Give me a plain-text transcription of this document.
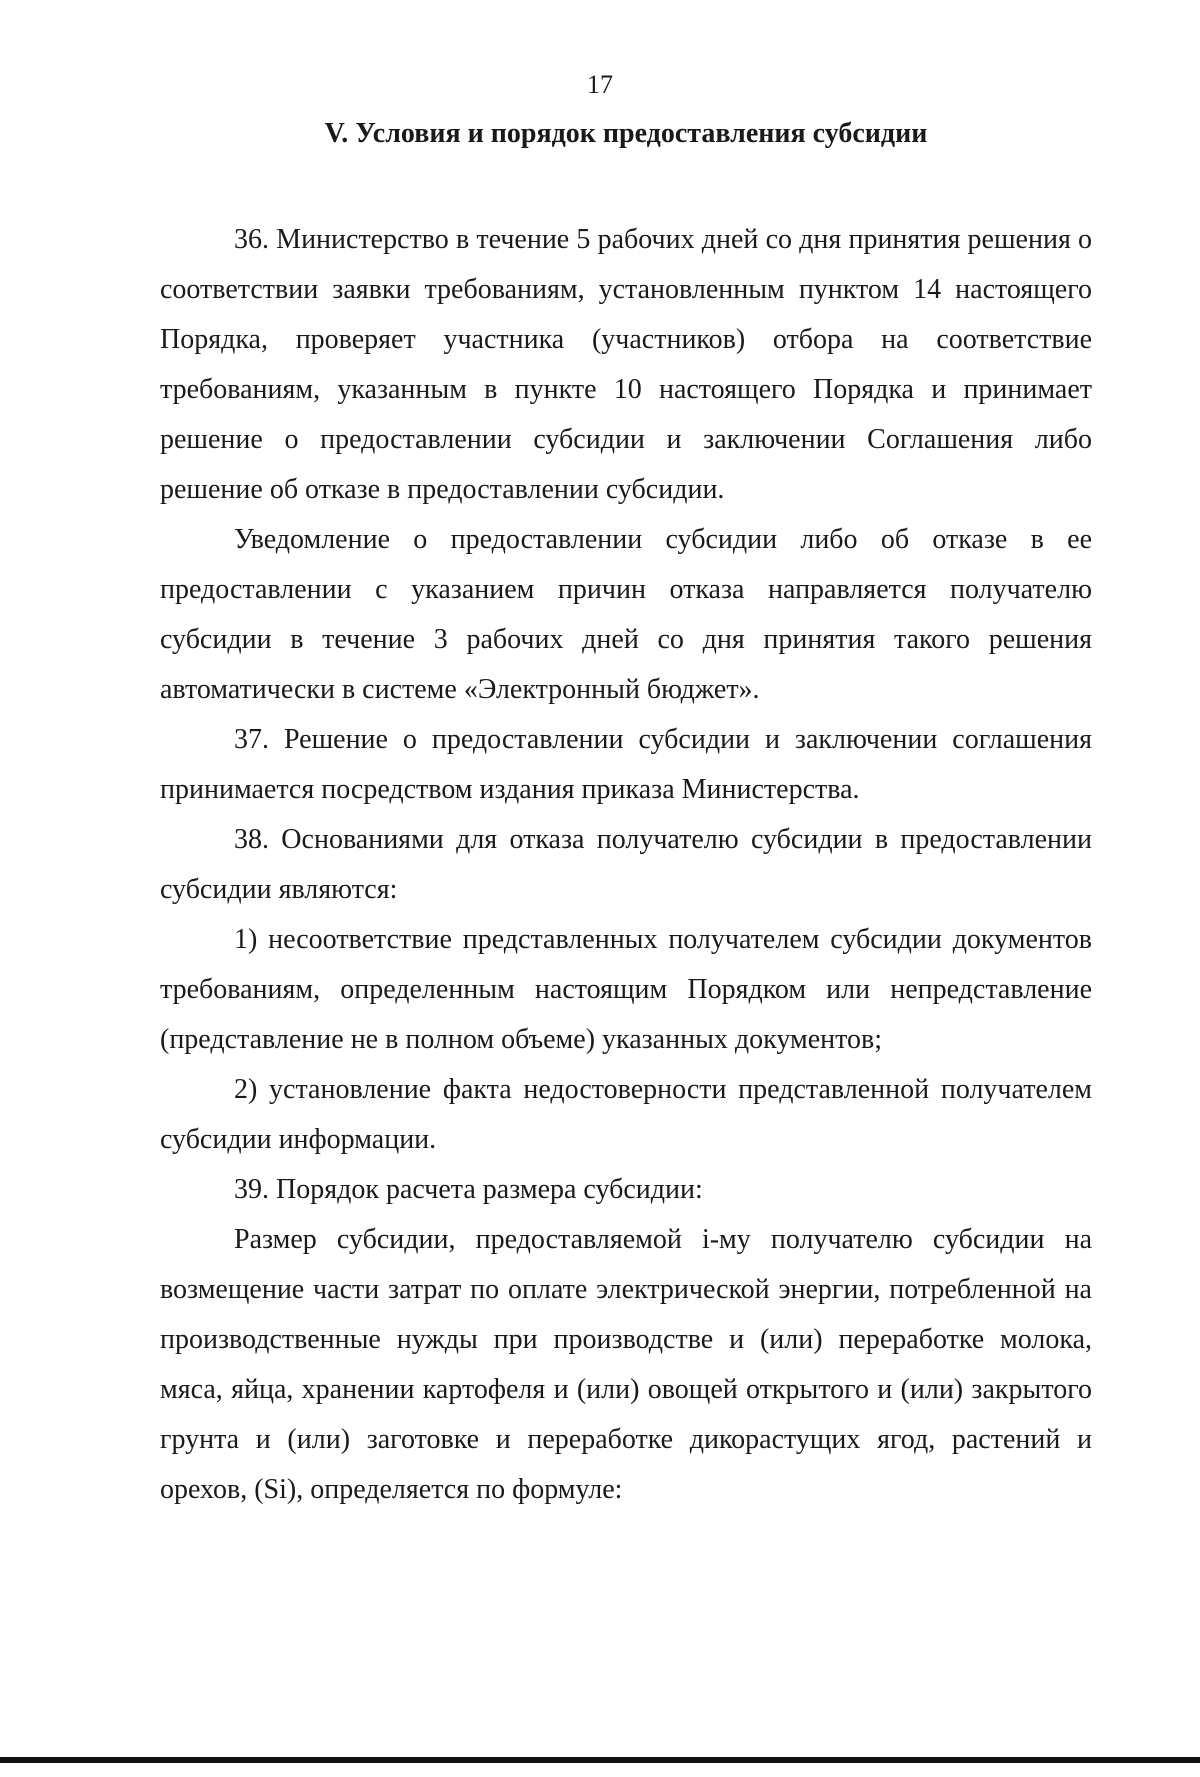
17
V. Условия и порядок предоставления субсидии

36. Министерство в течение 5 рабочих дней со дня принятия решения о соответствии заявки требованиям, установленным пунктом 14 настоящего Порядка, проверяет участника (участников) отбора на соответствие требованиям, указанным в пункте 10 настоящего Порядка и принимает решение о предоставлении субсидии и заключении Соглашения либо решение об отказе в предоставлении субсидии.

Уведомление о предоставлении субсидии либо об отказе в ее предоставлении с указанием причин отказа направляется получателю субсидии в течение 3 рабочих дней со дня принятия такого решения автоматически в системе «Электронный бюджет».

37. Решение о предоставлении субсидии и заключении соглашения принимается посредством издания приказа Министерства.

38. Основаниями для отказа получателю субсидии в предоставлении субсидии являются:

1) несоответствие представленных получателем субсидии документов требованиям, определенным настоящим Порядком или непредставление (представление не в полном объеме) указанных документов;

2) установление факта недостоверности представленной получателем субсидии информации.

39. Порядок расчета размера субсидии:

Размер субсидии, предоставляемой i-му получателю субсидии на возмещение части затрат по оплате электрической энергии, потребленной на производственные нужды при производстве и (или) переработке молока, мяса, яйца, хранении картофеля и (или) овощей открытого и (или) закрытого грунта и (или) заготовке и переработке дикорастущих ягод, растений и орехов, (Si), определяется по формуле:
